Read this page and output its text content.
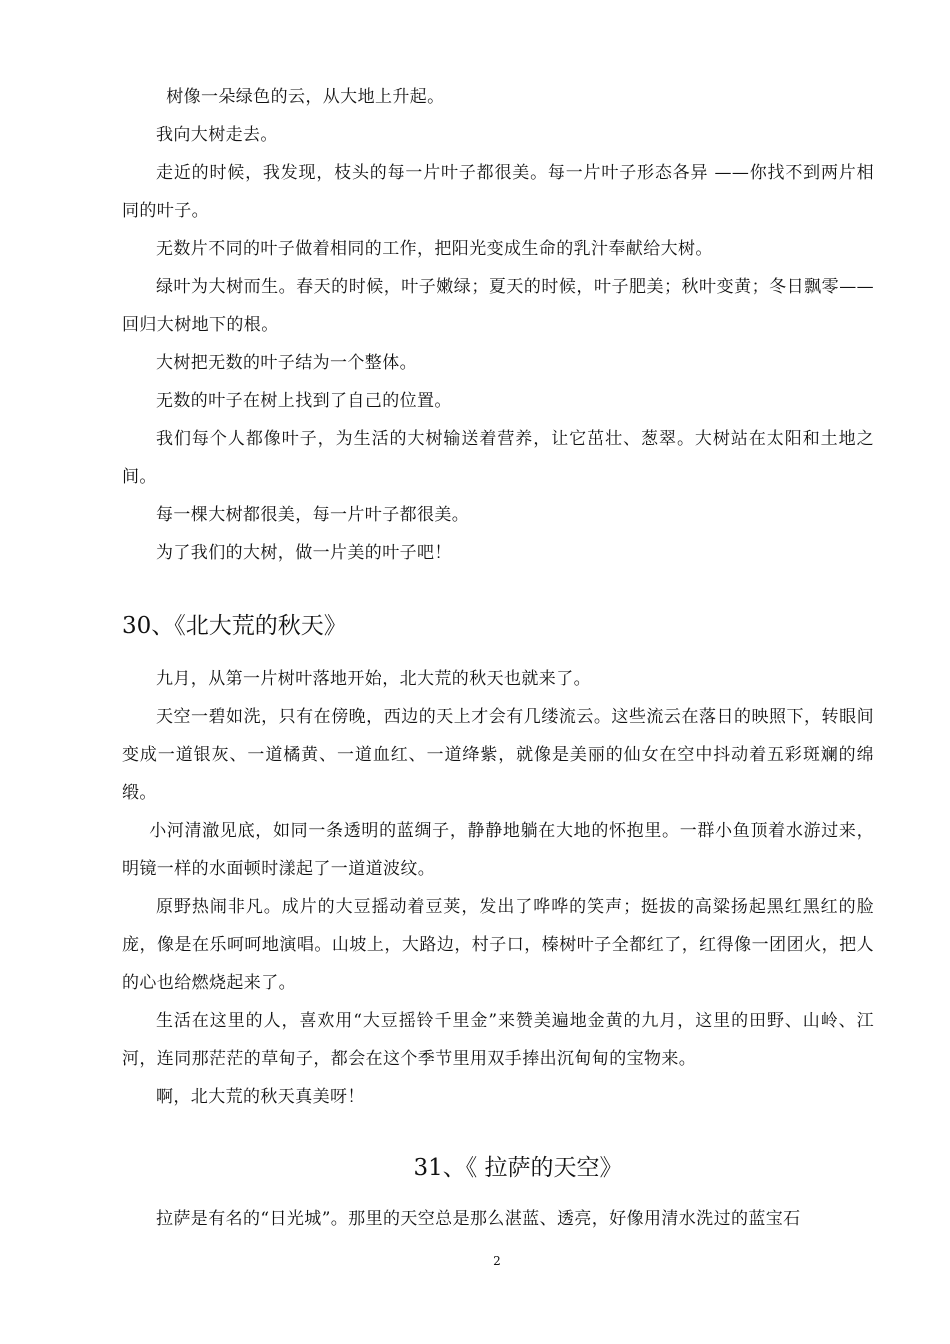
树像一朵绿色的云，从大地上升起。

我向大树走去。

走近的时候，我发现，枝头的每一片叶子都很美。每一片叶子形态各异 ——你找不到两片相同的叶子。

无数片不同的叶子做着相同的工作，把阳光变成生命的乳汁奉献给大树。

绿叶为大树而生。春天的时候，叶子嫩绿；夏天的时候，叶子肥美；秋叶变黄；冬日飘零—— 回归大树地下的根。

大树把无数的叶子结为一个整体。

无数的叶子在树上找到了自己的位置。

我们每个人都像叶子，为生活的大树输送着营养，让它茁壮、葱翠。大树站在太阳和土地之间。

每一棵大树都很美，每一片叶子都很美。

为了我们的大树，做一片美的叶子吧！

30、《北大荒的秋天》

九月，从第一片树叶落地开始，北大荒的秋天也就来了。

天空一碧如洗，只有在傍晚，西边的天上才会有几缕流云。这些流云在落日的映照下，转眼间变成一道银灰、一道橘黄、一道血红、一道绛紫，就像是美丽的仙女在空中抖动着五彩斑斓的绵缎。

小河清澈见底，如同一条透明的蓝绸子，静静地躺在大地的怀抱里。一群小鱼顶着水游过来，明镜一样的水面顿时漾起了一道道波纹。

原野热闹非凡。成片的大豆摇动着豆荚，发出了哗哗的笑声；挺拔的高粱扬起黑红黑红的脸庞，像是在乐呵呵地演唱。山坡上，大路边，村子口，榛树叶子全都红了，红得像一团团火，把人的心也给燃烧起来了。

生活在这里的人，喜欢用“大豆摇铃千里金”来赞美遍地金黄的九月，这里的田野、山岭、江河，连同那茫茫的草甸子，都会在这个季节里用双手捧出沉甸甸的宝物来。

啊，北大荒的秋天真美呀！

31、《 拉萨的天空》

拉萨是有名的“日光城”。那里的天空总是那么湛蓝、透亮，好像用清水洗过的蓝宝石

2
